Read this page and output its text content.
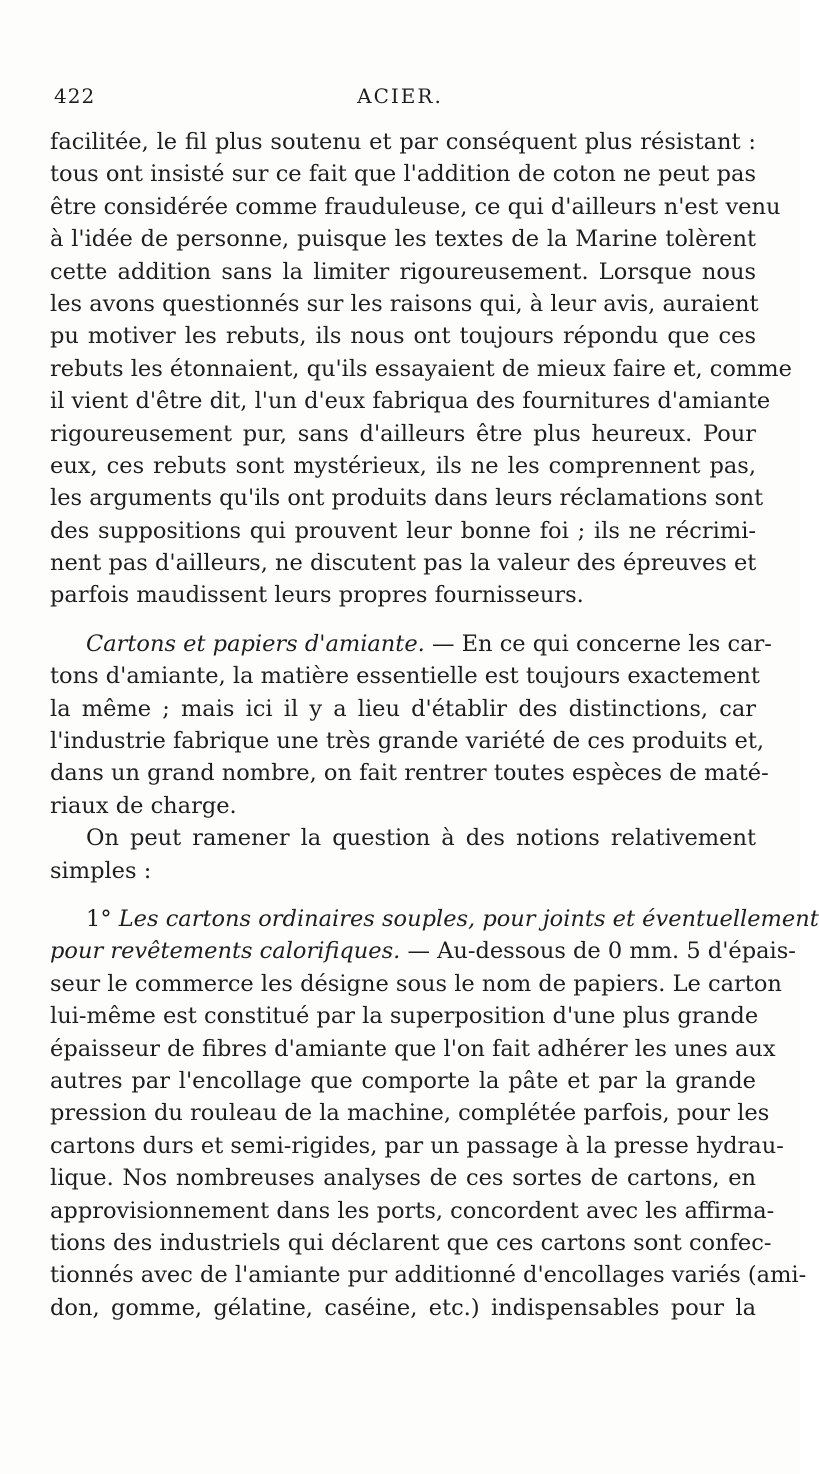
422	ACIER.
facilitée, le fil plus soutenu et par conséquent plus résistant :
tous ont insisté sur ce fait que l'addition de coton ne peut pas
être considérée comme frauduleuse, ce qui d'ailleurs n'est venu
à l'idée de personne, puisque les textes de la Marine tolèrent
cette addition sans la limiter rigoureusement. Lorsque nous
les avons questionnés sur les raisons qui, à leur avis, auraient
pu motiver les rebuts, ils nous ont toujours répondu que ces
rebuts les étonnaient, qu'ils essayaient de mieux faire et, comme
il vient d'être dit, l'un d'eux fabriqua des fournitures d'amiante
rigoureusement pur, sans d'ailleurs être plus heureux. Pour
eux, ces rebuts sont mystérieux, ils ne les comprennent pas,
les arguments qu'ils ont produits dans leurs réclamations sont
des suppositions qui prouvent leur bonne foi ; ils ne récrimi-
nent pas d'ailleurs, ne discutent pas la valeur des épreuves et
parfois maudissent leurs propres fournisseurs.
Cartons et papiers d'amiante. — En ce qui concerne les car-
tons d'amiante, la matière essentielle est toujours exactement
la même ; mais ici il y a lieu d'établir des distinctions, car
l'industrie fabrique une très grande variété de ces produits et,
dans un grand nombre, on fait rentrer toutes espèces de maté-
riaux de charge.
On peut ramener la question à des notions relativement
simples :
1° Les cartons ordinaires souples, pour joints et éventuellement
pour revêtements calorifiques. — Au-dessous de 0 mm. 5 d'épais-
seur le commerce les désigne sous le nom de papiers. Le carton
lui-même est constitué par la superposition d'une plus grande
épaisseur de fibres d'amiante que l'on fait adhérer les unes aux
autres par l'encollage que comporte la pâte et par la grande
pression du rouleau de la machine, complétée parfois, pour les
cartons durs et semi-rigides, par un passage à la presse hydrau-
lique. Nos nombreuses analyses de ces sortes de cartons, en
approvisionnement dans les ports, concordent avec les affirma-
tions des industriels qui déclarent que ces cartons sont confec-
tionnés avec de l'amiante pur additionné d'encollages variés (ami-
don, gomme, gélatine, caséine, etc.) indispensables pour la
